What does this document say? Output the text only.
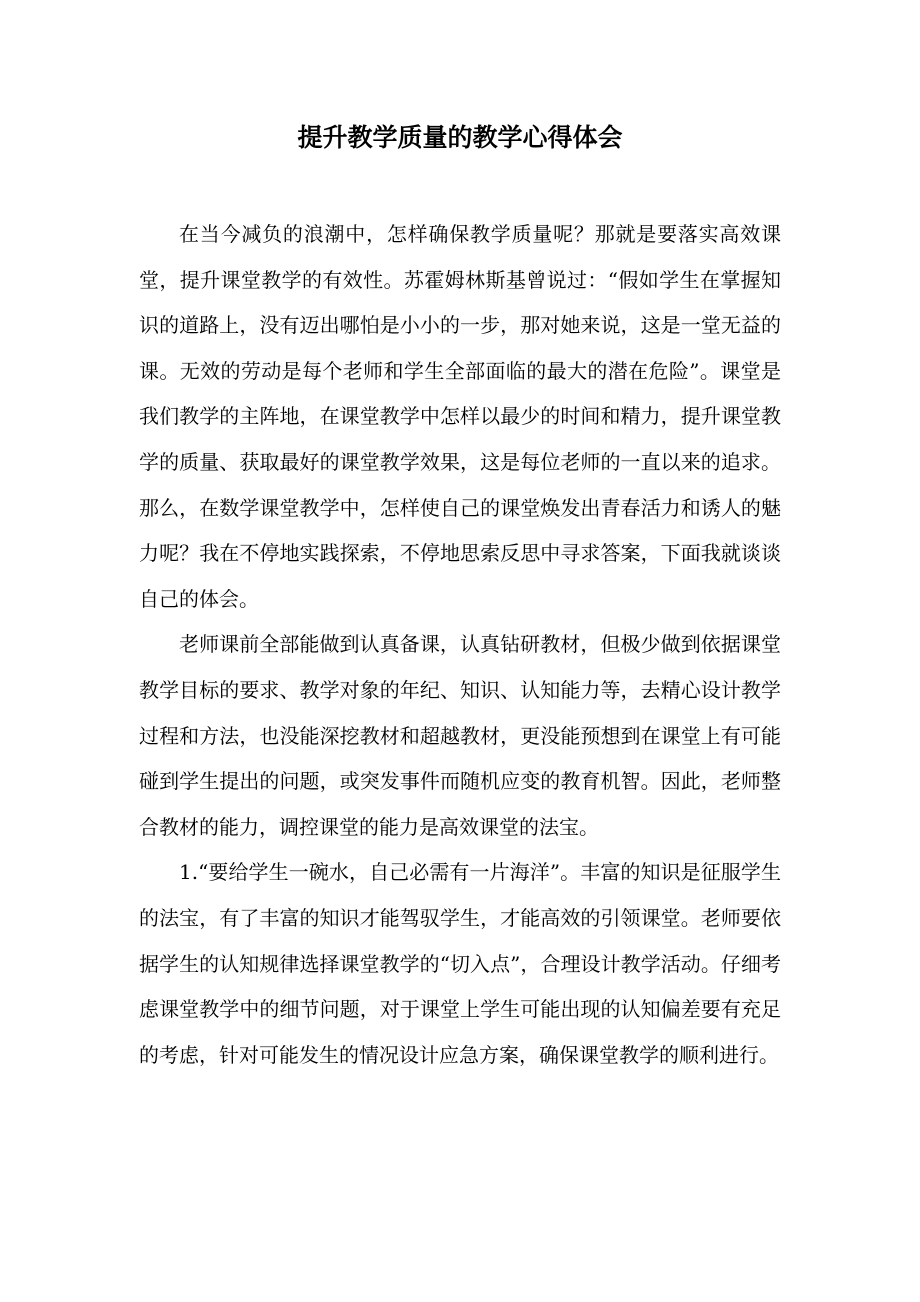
提升教学质量的教学心得体会

在当今减负的浪潮中，怎样确保教学质量呢？那就是要落实高效课堂，提升课堂教学的有效性。苏霍姆林斯基曾说过：“假如学生在掌握知识的道路上，没有迈出哪怕是小小的一步，那对她来说，这是一堂无益的课。无效的劳动是每个老师和学生全部面临的最大的潜在危险”。课堂是我们教学的主阵地，在课堂教学中怎样以最少的时间和精力，提升课堂教学的质量、获取最好的课堂教学效果，这是每位老师的一直以来的追求。那么，在数学课堂教学中，怎样使自己的课堂焕发出青春活力和诱人的魅力呢？我在不停地实践探索，不停地思索反思中寻求答案，下面我就谈谈自己的体会。

老师课前全部能做到认真备课，认真钻研教材，但极少做到依据课堂教学目标的要求、教学对象的年纪、知识、认知能力等，去精心设计教学过程和方法，也没能深挖教材和超越教材，更没能预想到在课堂上有可能碰到学生提出的问题，或突发事件而随机应变的教育机智。因此，老师整合教材的能力，调控课堂的能力是高效课堂的法宝。

1.“要给学生一碗水，自己必需有一片海洋”。丰富的知识是征服学生的法宝，有了丰富的知识才能驾驭学生，才能高效的引领课堂。老师要依据学生的认知规律选择课堂教学的“切入点”，合理设计教学活动。仔细考虑课堂教学中的细节问题，对于课堂上学生可能出现的认知偏差要有充足的考虑，针对可能发生的情况设计应急方案，确保课堂教学的顺利进行。
